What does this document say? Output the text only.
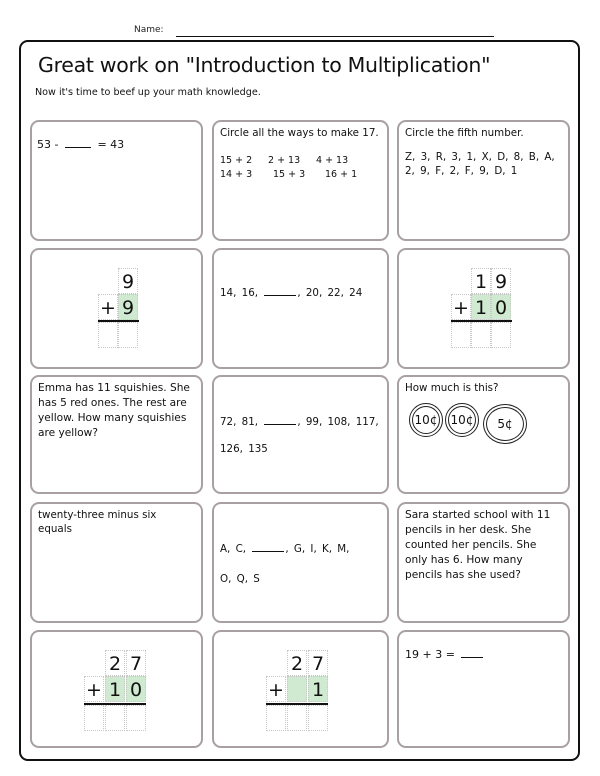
Name:
Great work on "Introduction to Multiplication"
Now it's time to beef up your math knowledge.
53 -	= 43
Circle all the ways to make 17.
15 + 2	2 + 13	4 + 13
14 + 3	15 + 3	16 + 1
Circle the fifth number.
Z, 3, R, 3, 1, X, D, 8, B, A, 2, 9, F, 2, F, 9, D, 1
9
+ 9
14, 16,	, 20, 22, 24	1 9
+ 1 0
Emma has 11 squishies. She has 5 red ones. The rest are yellow. How many squishies are yellow?
72, 81,	, 99, 108, 117,
126, 135
How much is this?
10¢ 10¢ 5¢
twenty-three minus six equals
A, C,	, G, I, K, M,
O, Q, S
Sara started school with 11 pencils in her desk. She counted her pencils. She only has 6. How many pencils has she used?
2 7
+ 1 0
2 7
+ 1
19 + 3 =
